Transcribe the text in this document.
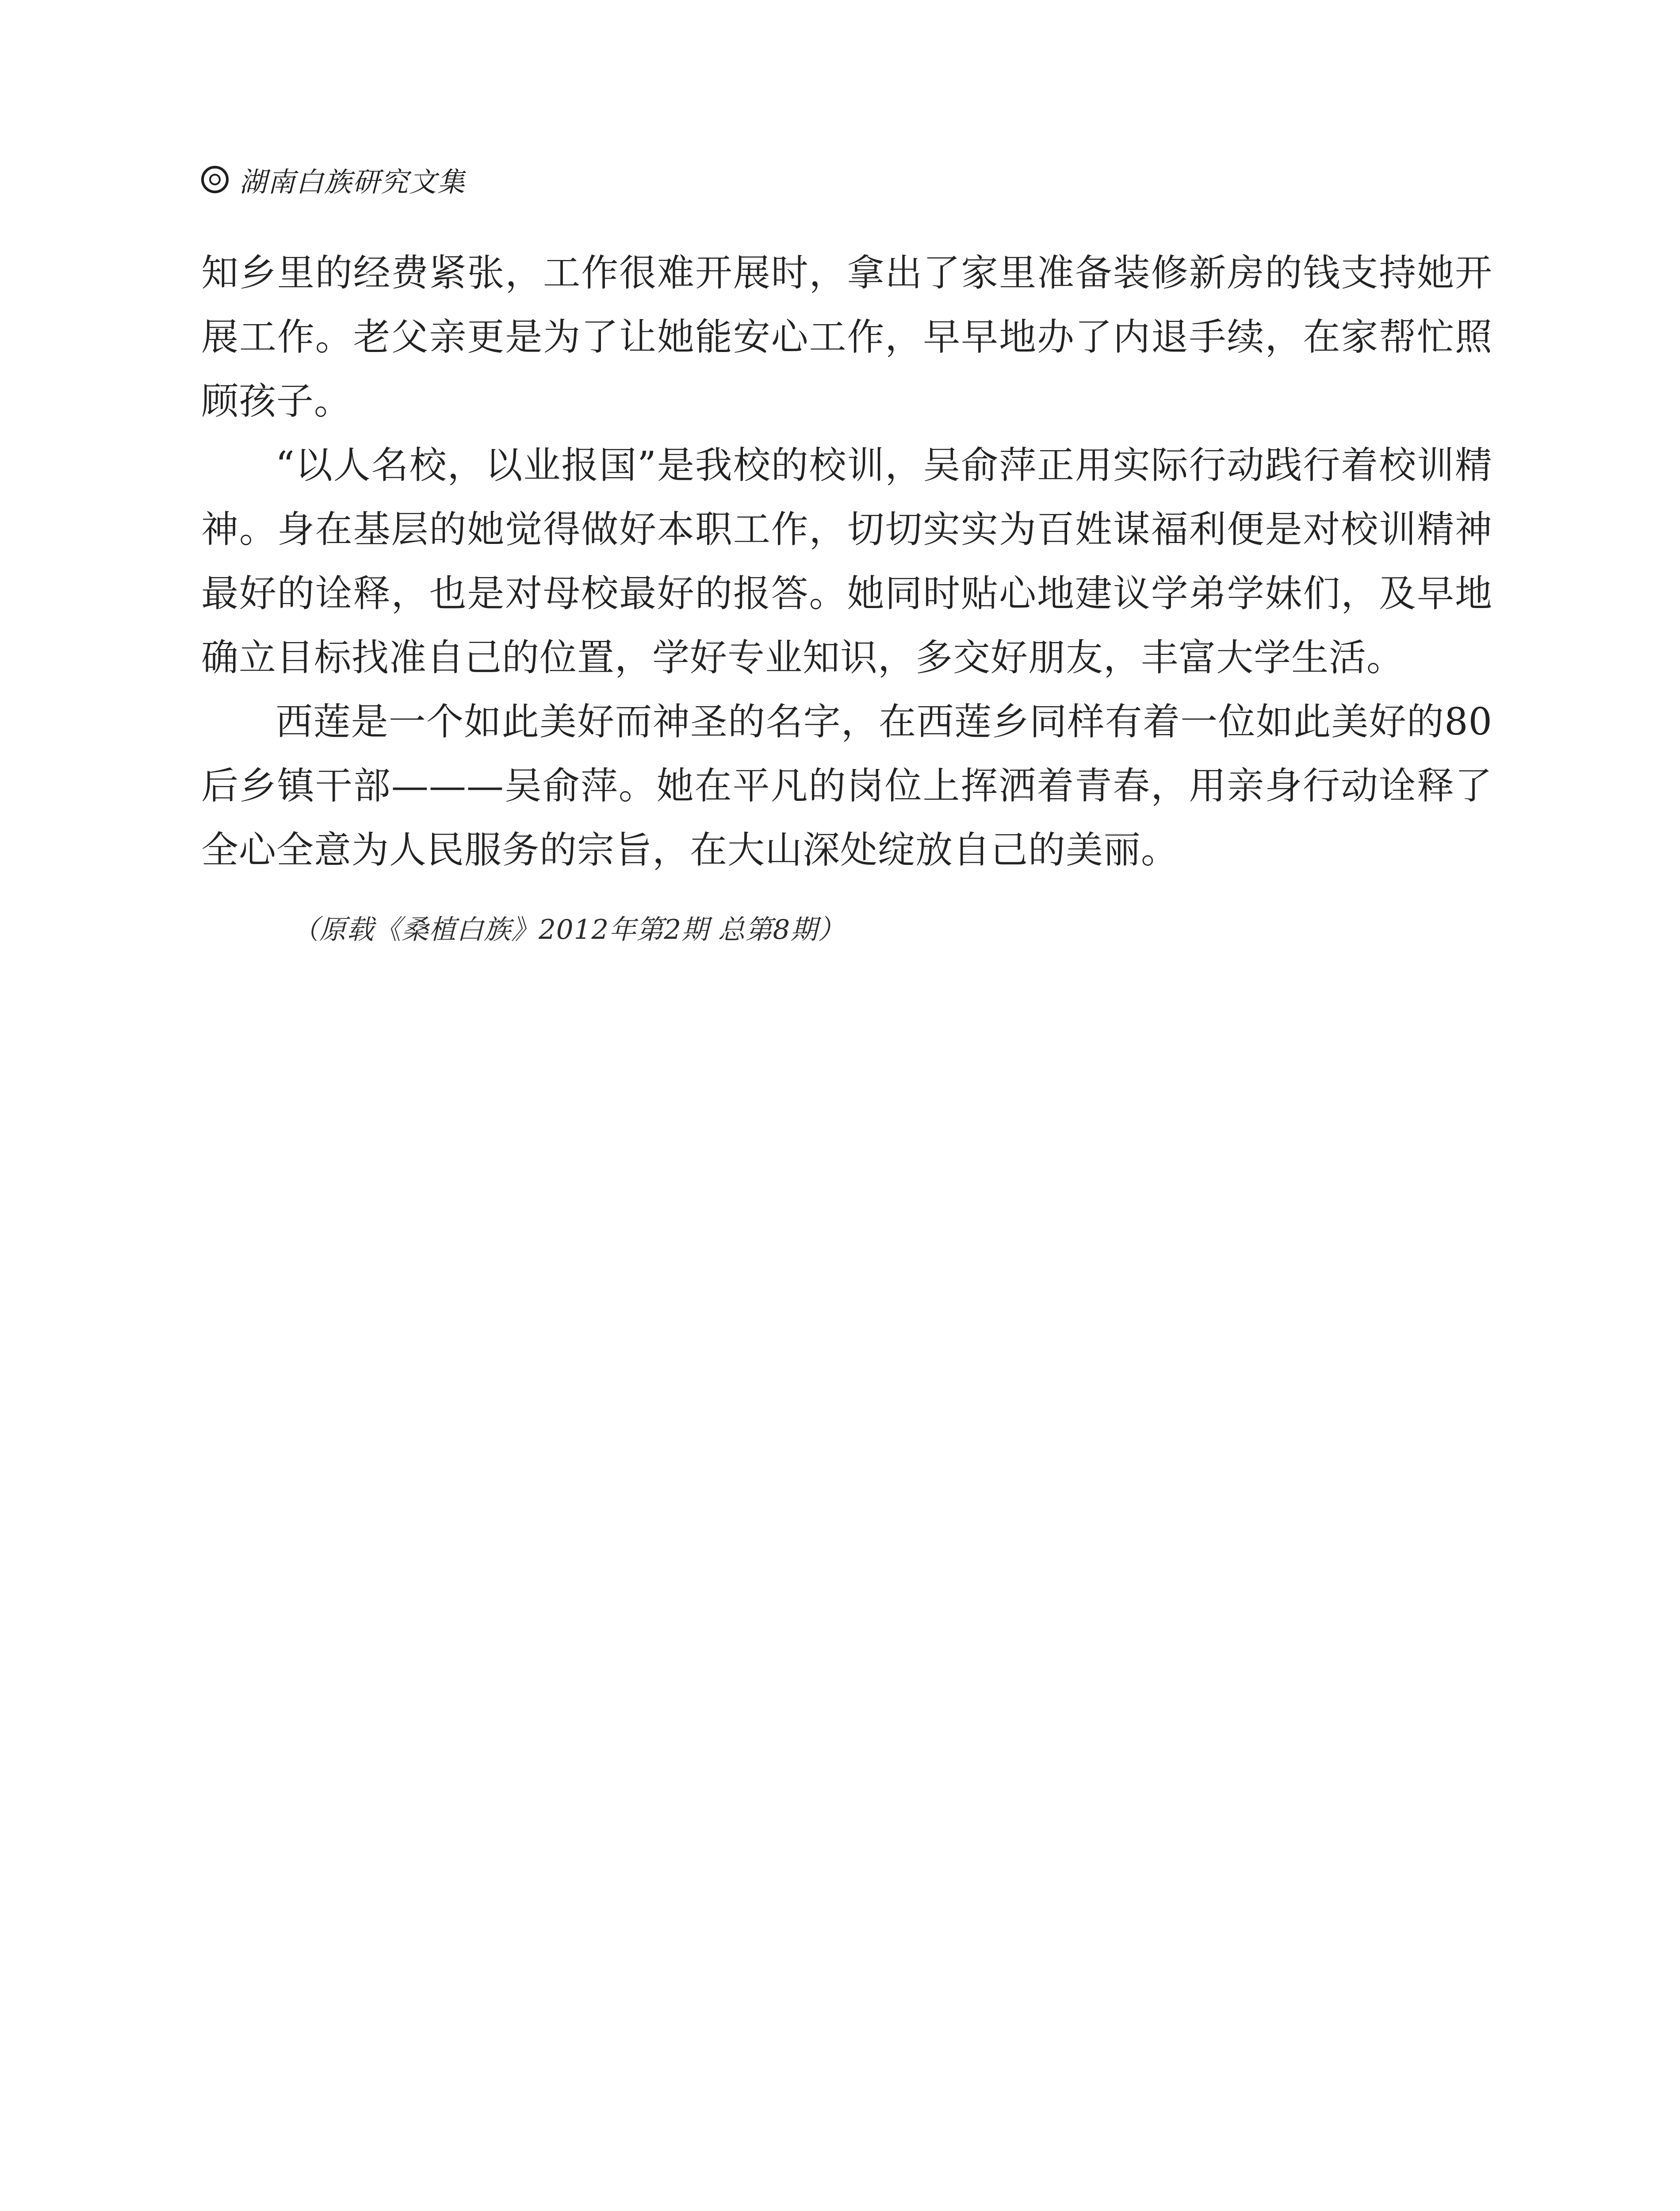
湖南白族研究文集

知乡里的经费紧张，工作很难开展时，拿出了家里准备装修新房的钱支持她开展工作。老父亲更是为了让她能安心工作，早早地办了内退手续，在家帮忙照顾孩子。

“以人名校，以业报国”是我校的校训，吴俞萍正用实际行动践行着校训精神。身在基层的她觉得做好本职工作，切切实实为百姓谋福利便是对校训精神最好的诠释，也是对母校最好的报答。她同时贴心地建议学弟学妹们，及早地确立目标找准自己的位置，学好专业知识，多交好朋友，丰富大学生活。

西莲是一个如此美好而神圣的名字，在西莲乡同样有着一位如此美好的80后乡镇干部———吴俞萍。她在平凡的岗位上挥洒着青春，用亲身行动诠释了全心全意为人民服务的宗旨，在大山深处绽放自己的美丽。

（原载《桑植白族》2012年第2期 总第8期）
